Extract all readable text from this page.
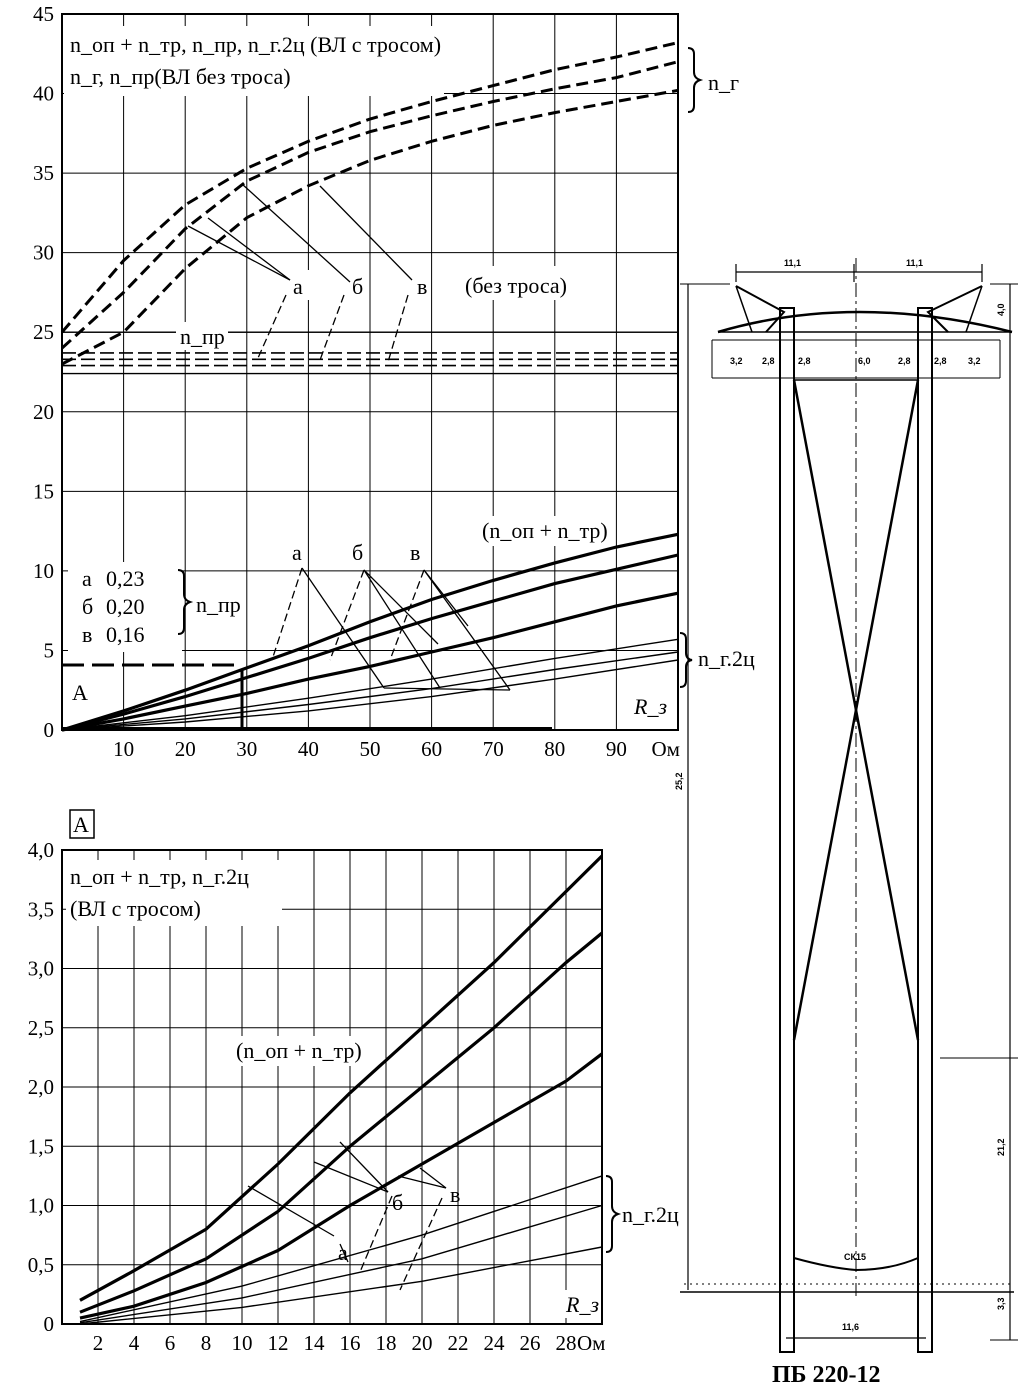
0
5
10
15
20
25
30
35
40
45
10 20 30 40 50 60 70 80 90 Ом
n_оп + n_тр, n_пр, n_г.2ц (ВЛ с тросом)
n_г, n_пр(ВЛ без троса)	n_г
n_г.2ц
а б в (без троса)
n_пр
(n_оп + n_тр)
а б в
а 0,23
б 0,20
в 0,16
n_пр
A
R_з
0
0,5
1,0
1,5
2,0
2,5
3,0
3,5
4,0
2 4 6 8 10 12 14 16 18 20 22 24 26 28 Ом
A
n_оп + n_тр, n_г.2ц
(ВЛ с тросом)
(n_оп + n_тр)
а
б в
n_г.2ц
R_з
11,1	11,1
3,2 2,8	2,8	6,0	2,8	2,8 3,2
4,0
25,2
21,2
3,3
11,6
СК15
ПБ 220-12
